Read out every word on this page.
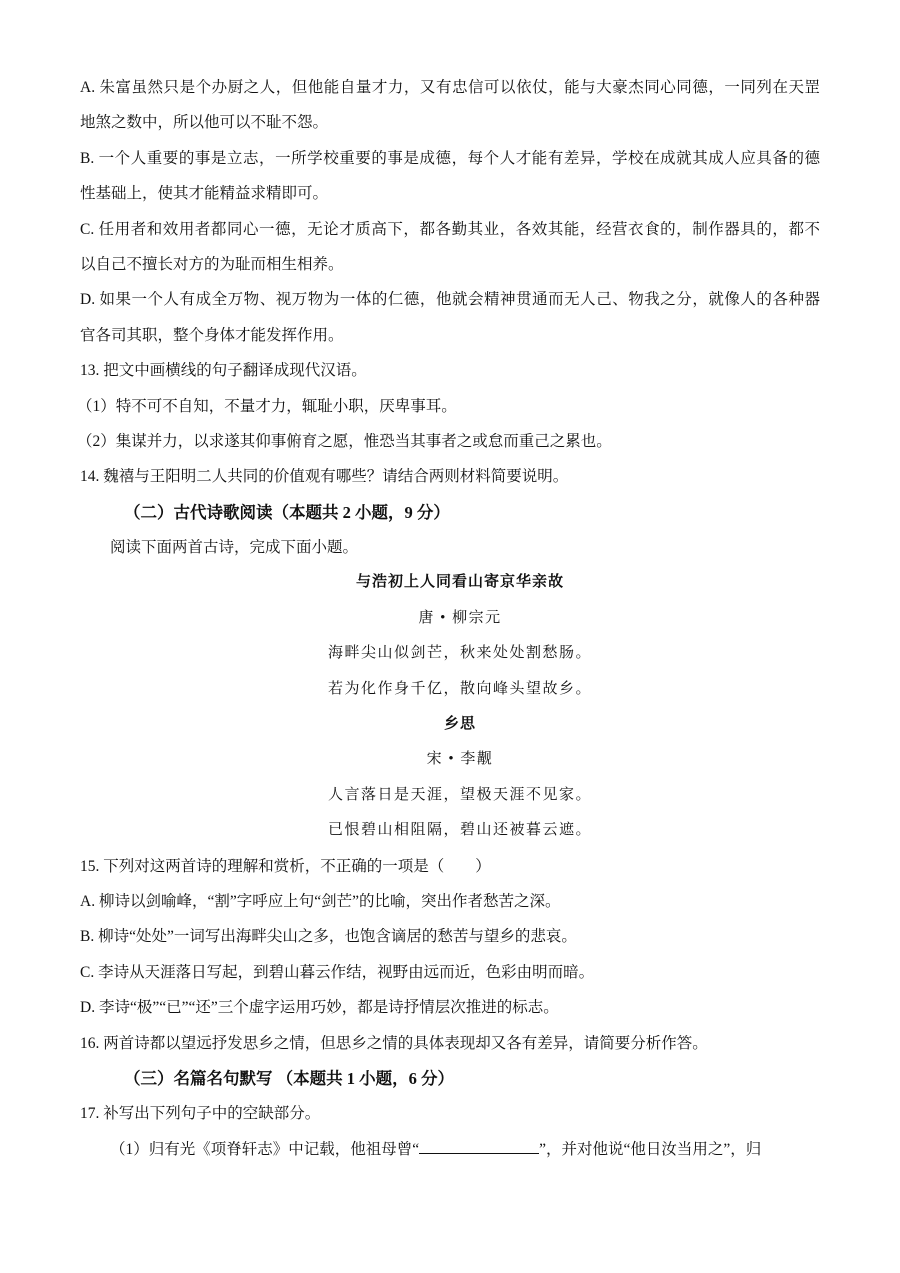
A. 朱富虽然只是个办厨之人，但他能自量才力，又有忠信可以依仗，能与大豪杰同心同德，一同列在天罡
地煞之数中，所以他可以不耻不怨。
B. 一个人重要的事是立志，一所学校重要的事是成德，每个人才能有差异，学校在成就其成人应具备的德
性基础上，使其才能精益求精即可。
C. 任用者和效用者都同心一德，无论才质高下，都各勤其业，各效其能，经营衣食的，制作器具的，都不
以自己不擅长对方的为耻而相生相养。
D. 如果一个人有成全万物、视万物为一体的仁德，他就会精神贯通而无人己、物我之分，就像人的各种器
官各司其职，整个身体才能发挥作用。
13. 把文中画横线的句子翻译成现代汉语。
（1）特不可不自知，不量才力，辄耻小职，厌卑事耳。
（2）集谋并力，以求遂其仰事俯育之愿，惟恐当其事者之或怠而重己之累也。
14. 魏禧与王阳明二人共同的价值观有哪些？请结合两则材料简要说明。
（二）古代诗歌阅读（本题共 2 小题，9 分）
阅读下面两首古诗，完成下面小题。
与浩初上人同看山寄京华亲故
唐 • 柳宗元
海畔尖山似剑芒，秋来处处割愁肠。
若为化作身千亿，散向峰头望故乡。
乡思
宋 • 李觏
人言落日是天涯，望极天涯不见家。
已恨碧山相阻隔，碧山还被暮云遮。
15. 下列对这两首诗的理解和赏析，不正确的一项是（　　）
A. 柳诗以剑喻峰，“割”字呼应上句“剑芒”的比喻，突出作者愁苦之深。
B. 柳诗“处处”一词写出海畔尖山之多，也饱含谪居的愁苦与望乡的悲哀。
C. 李诗从天涯落日写起，到碧山暮云作结，视野由远而近，色彩由明而暗。
D. 李诗“极”“已”“还”三个虚字运用巧妙，都是诗抒情层次推进的标志。
16. 两首诗都以望远抒发思乡之情，但思乡之情的具体表现却又各有差异，请简要分析作答。
（三）名篇名句默写 （本题共 1 小题，6 分）
17. 补写出下列句子中的空缺部分。
（1）归有光《项脊轩志》中记载，他祖母曾“	”，并对他说“他日汝当用之”，归
